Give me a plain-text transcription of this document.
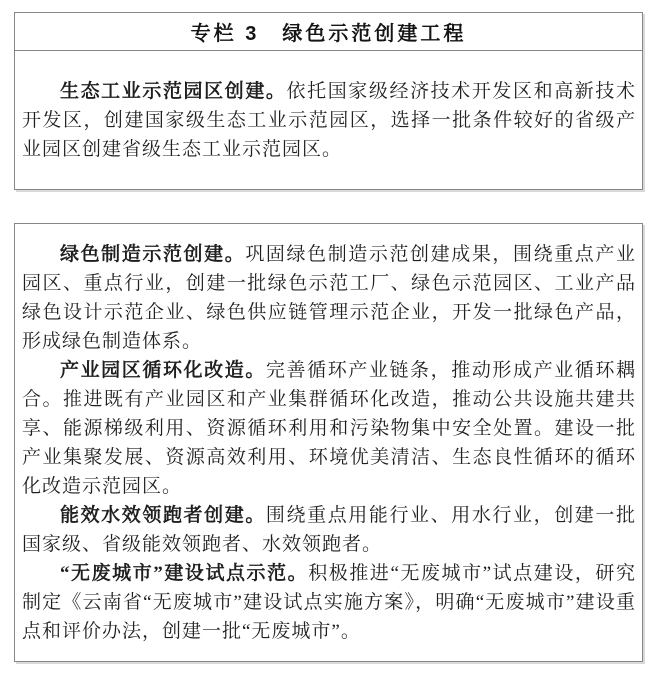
专栏 3　绿色示范创建工程

生态工业示范园区创建。依托国家级经济技术开发区和高新技术开发区，创建国家级生态工业示范园区，选择一批条件较好的省级产业园区创建省级生态工业示范园区。

绿色制造示范创建。巩固绿色制造示范创建成果，围绕重点产业园区、重点行业，创建一批绿色示范工厂、绿色示范园区、工业产品绿色设计示范企业、绿色供应链管理示范企业，开发一批绿色产品，形成绿色制造体系。

产业园区循环化改造。完善循环产业链条，推动形成产业循环耦合。推进既有产业园区和产业集群循环化改造，推动公共设施共建共享、能源梯级利用、资源循环利用和污染物集中安全处置。建设一批产业集聚发展、资源高效利用、环境优美清洁、生态良性循环的循环化改造示范园区。

能效水效领跑者创建。围绕重点用能行业、用水行业，创建一批国家级、省级能效领跑者、水效领跑者。

“无废城市”建设试点示范。积极推进“无废城市”试点建设，研究制定《云南省“无废城市”建设试点实施方案》，明确“无废城市”建设重点和评价办法，创建一批“无废城市”。
